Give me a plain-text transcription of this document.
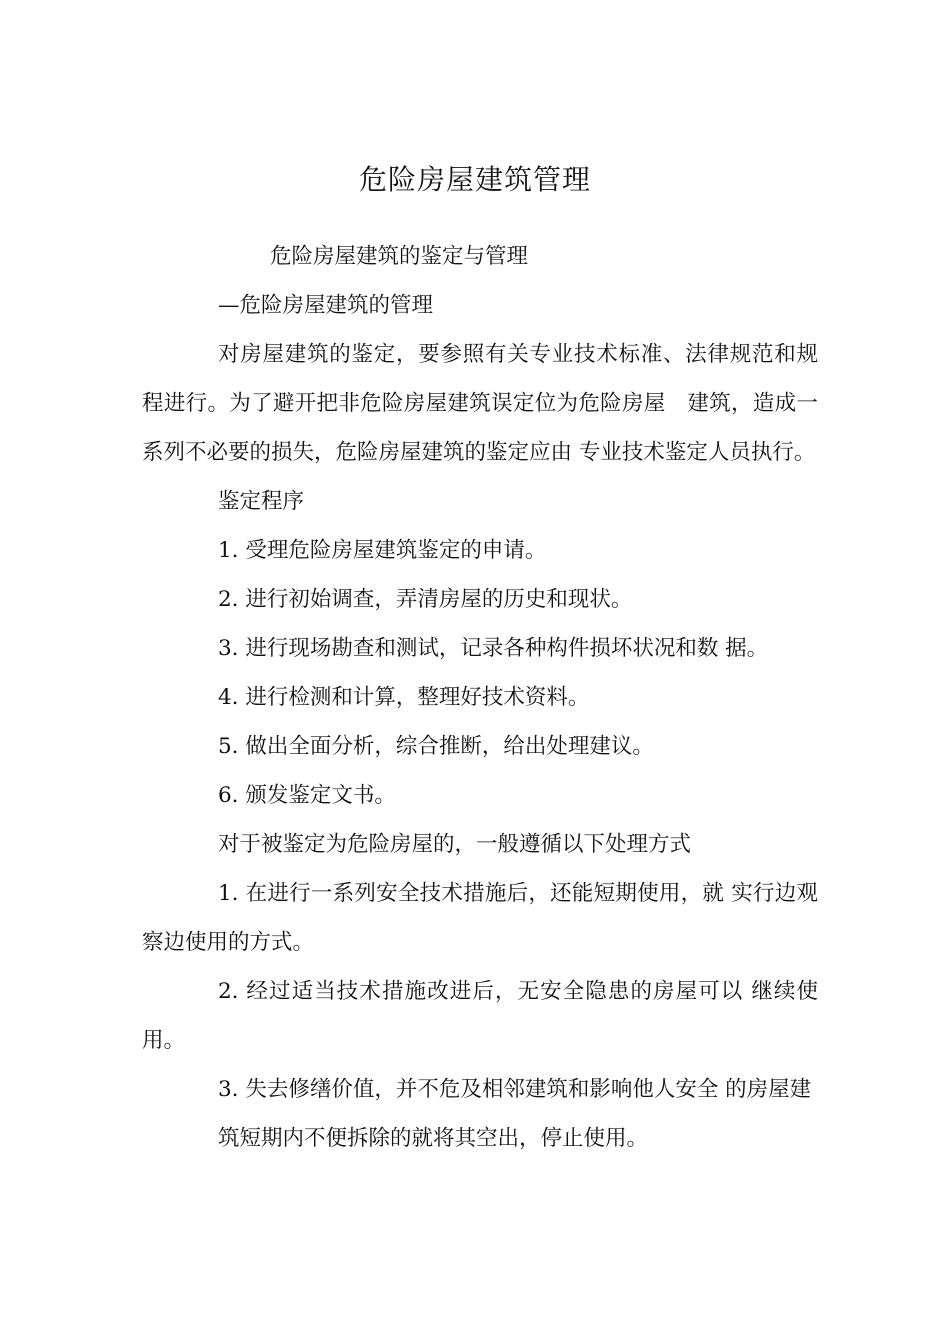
危险房屋建筑管理

危险房屋建筑的鉴定与管理

—危险房屋建筑的管理

对房屋建筑的鉴定，要参照有关专业技术标准、法律规范和规程进行。为了避开把非危险房屋建筑误定位为危险房屋　建筑，造成一系列不必要的损失，危险房屋建筑的鉴定应由 专业技术鉴定人员执行。

鉴定程序

1. 受理危险房屋建筑鉴定的申请。

2. 进行初始调查，弄清房屋的历史和现状。

3. 进行现场勘查和测试，记录各种构件损坏状况和数 据。

4. 进行检测和计算，整理好技术资料。

5. 做出全面分析，综合推断，给出处理建议。

6. 颁发鉴定文书。

对于被鉴定为危险房屋的，一般遵循以下处理方式

1. 在进行一系列安全技术措施后，还能短期使用，就 实行边观察边使用的方式。

2. 经过适当技术措施改进后，无安全隐患的房屋可以 继续使用。

3. 失去修缮价值，并不危及相邻建筑和影响他人安全 的房屋建筑短期内不便拆除的就将其空出，停止使用。
